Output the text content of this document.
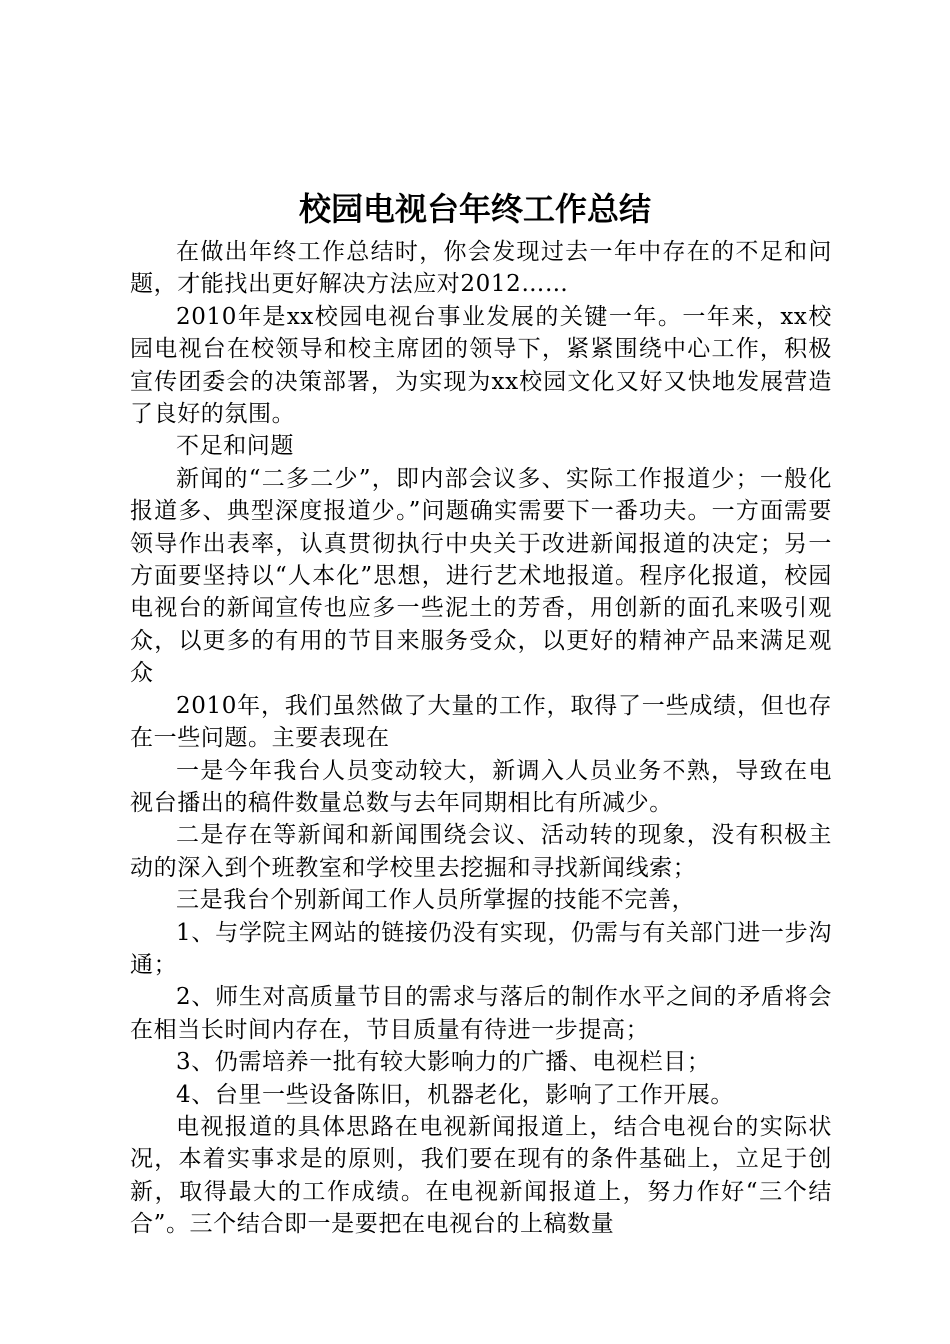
校园电视台年终工作总结

在做出年终工作总结时，你会发现过去一年中存在的不足和问题，才能找出更好解决方法应对2012……

2010年是xx校园电视台事业发展的关键一年。一年来，xx校园电视台在校领导和校主席团的领导下，紧紧围绕中心工作，积极宣传团委会的决策部署，为实现为xx校园文化又好又快地发展营造了良好的氛围。

不足和问题

新闻的“二多二少”，即内部会议多、实际工作报道少；一般化报道多、典型深度报道少。”问题确实需要下一番功夫。一方面需要领导作出表率，认真贯彻执行中央关于改进新闻报道的决定；另一方面要坚持以“人本化”思想，进行艺术地报道。程序化报道，校园电视台的新闻宣传也应多一些泥土的芳香，用创新的面孔来吸引观众，以更多的有用的节目来服务受众，以更好的精神产品来满足观众

2010年，我们虽然做了大量的工作，取得了一些成绩，但也存在一些问题。主要表现在

一是今年我台人员变动较大，新调入人员业务不熟，导致在电视台播出的稿件数量总数与去年同期相比有所减少。

二是存在等新闻和新闻围绕会议、活动转的现象，没有积极主动的深入到个班教室和学校里去挖掘和寻找新闻线索；

三是我台个别新闻工作人员所掌握的技能不完善，

1、与学院主网站的链接仍没有实现，仍需与有关部门进一步沟通；

2、师生对高质量节目的需求与落后的制作水平之间的矛盾将会在相当长时间内存在，节目质量有待进一步提高；

3、仍需培养一批有较大影响力的广播、电视栏目；

4、台里一些设备陈旧，机器老化，影响了工作开展。

电视报道的具体思路在电视新闻报道上，结合电视台的实际状况，本着实事求是的原则，我们要在现有的条件基础上，立足于创新，取得最大的工作成绩。在电视新闻报道上，努力作好“三个结合”。三个结合即一是要把在电视台的上稿数量
